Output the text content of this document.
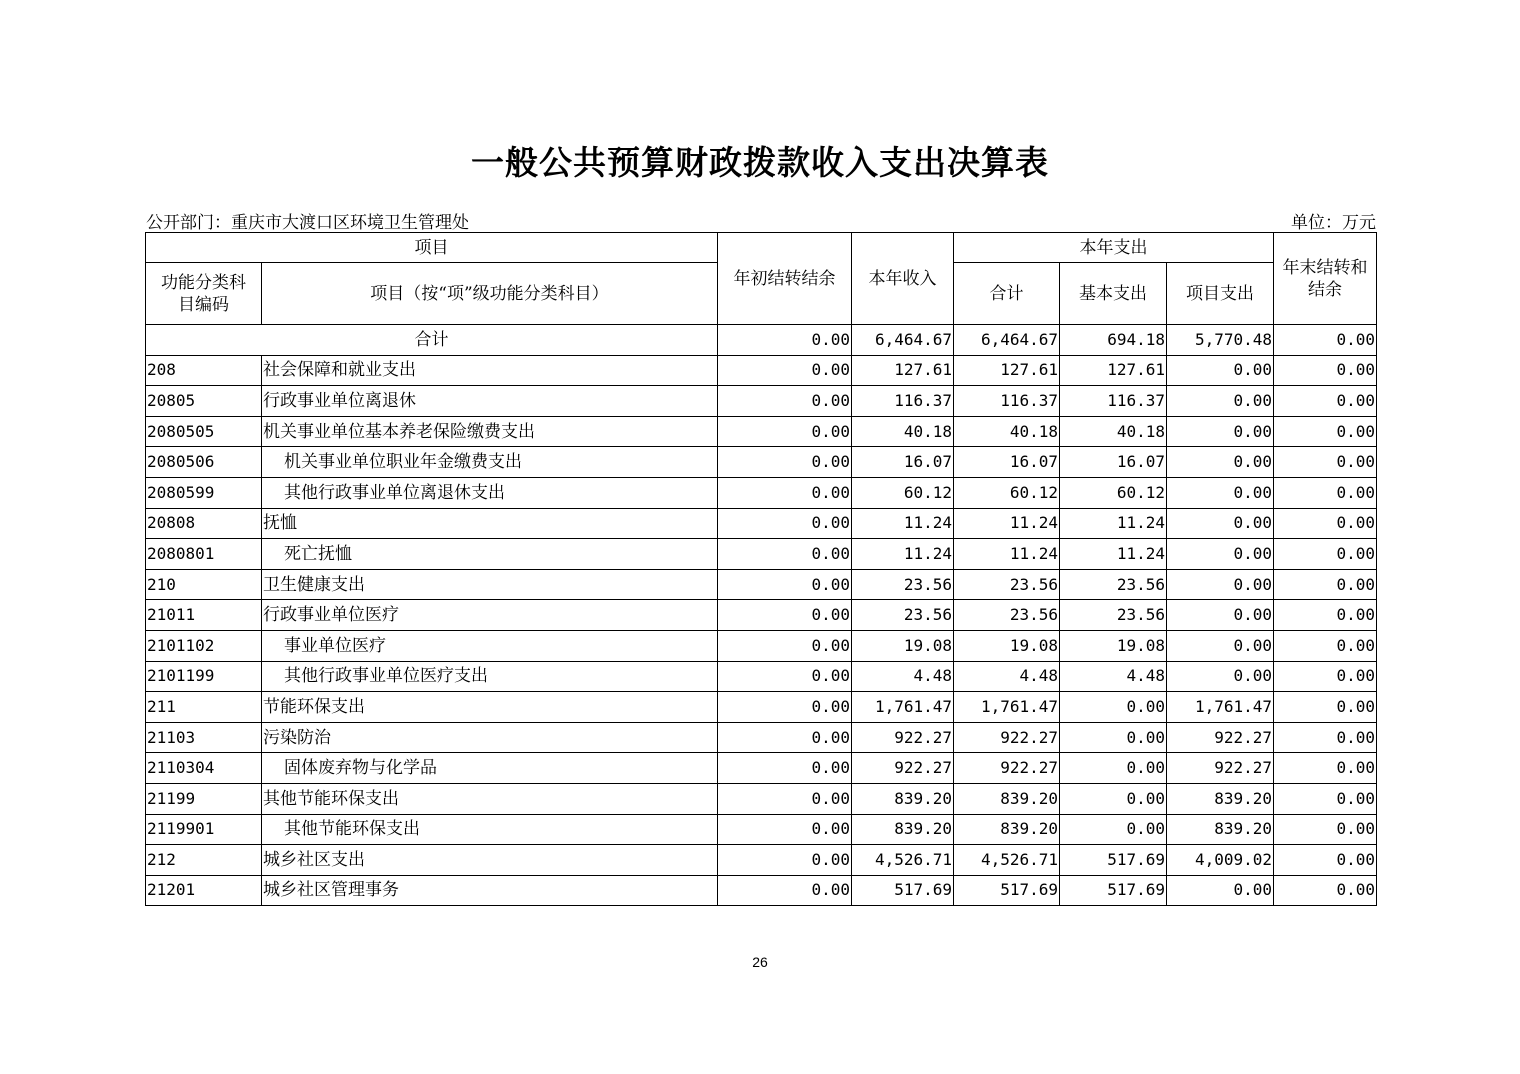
一般公共预算财政拨款收入支出决算表
公开部门：重庆市大渡口区环境卫生管理处	单位：万元
项目		年初结转结余	本年收入	本年支出			年末结转和结余
功能分类科目编码	项目（按“项”级功能分类科目）			合计	基本支出	项目支出	
合计		0.00	6,464.67	6,464.67	694.18	5,770.48	0.00
208	社会保障和就业支出	0.00	127.61	127.61	127.61	0.00	0.00
20805	行政事业单位离退休	0.00	116.37	116.37	116.37	0.00	0.00
2080505	机关事业单位基本养老保险缴费支出	0.00	40.18	40.18	40.18	0.00	0.00
2080506	机关事业单位职业年金缴费支出	0.00	16.07	16.07	16.07	0.00	0.00
2080599	其他行政事业单位离退休支出	0.00	60.12	60.12	60.12	0.00	0.00
20808	抚恤	0.00	11.24	11.24	11.24	0.00	0.00
2080801	死亡抚恤	0.00	11.24	11.24	11.24	0.00	0.00
210	卫生健康支出	0.00	23.56	23.56	23.56	0.00	0.00
21011	行政事业单位医疗	0.00	23.56	23.56	23.56	0.00	0.00
2101102	事业单位医疗	0.00	19.08	19.08	19.08	0.00	0.00
2101199	其他行政事业单位医疗支出	0.00	4.48	4.48	4.48	0.00	0.00
211	节能环保支出	0.00	1,761.47	1,761.47	0.00	1,761.47	0.00
21103	污染防治	0.00	922.27	922.27	0.00	922.27	0.00
2110304	固体废弃物与化学品	0.00	922.27	922.27	0.00	922.27	0.00
21199	其他节能环保支出	0.00	839.20	839.20	0.00	839.20	0.00
2119901	其他节能环保支出	0.00	839.20	839.20	0.00	839.20	0.00
212	城乡社区支出	0.00	4,526.71	4,526.71	517.69	4,009.02	0.00
21201	城乡社区管理事务	0.00	517.69	517.69	517.69	0.00	0.00
26
